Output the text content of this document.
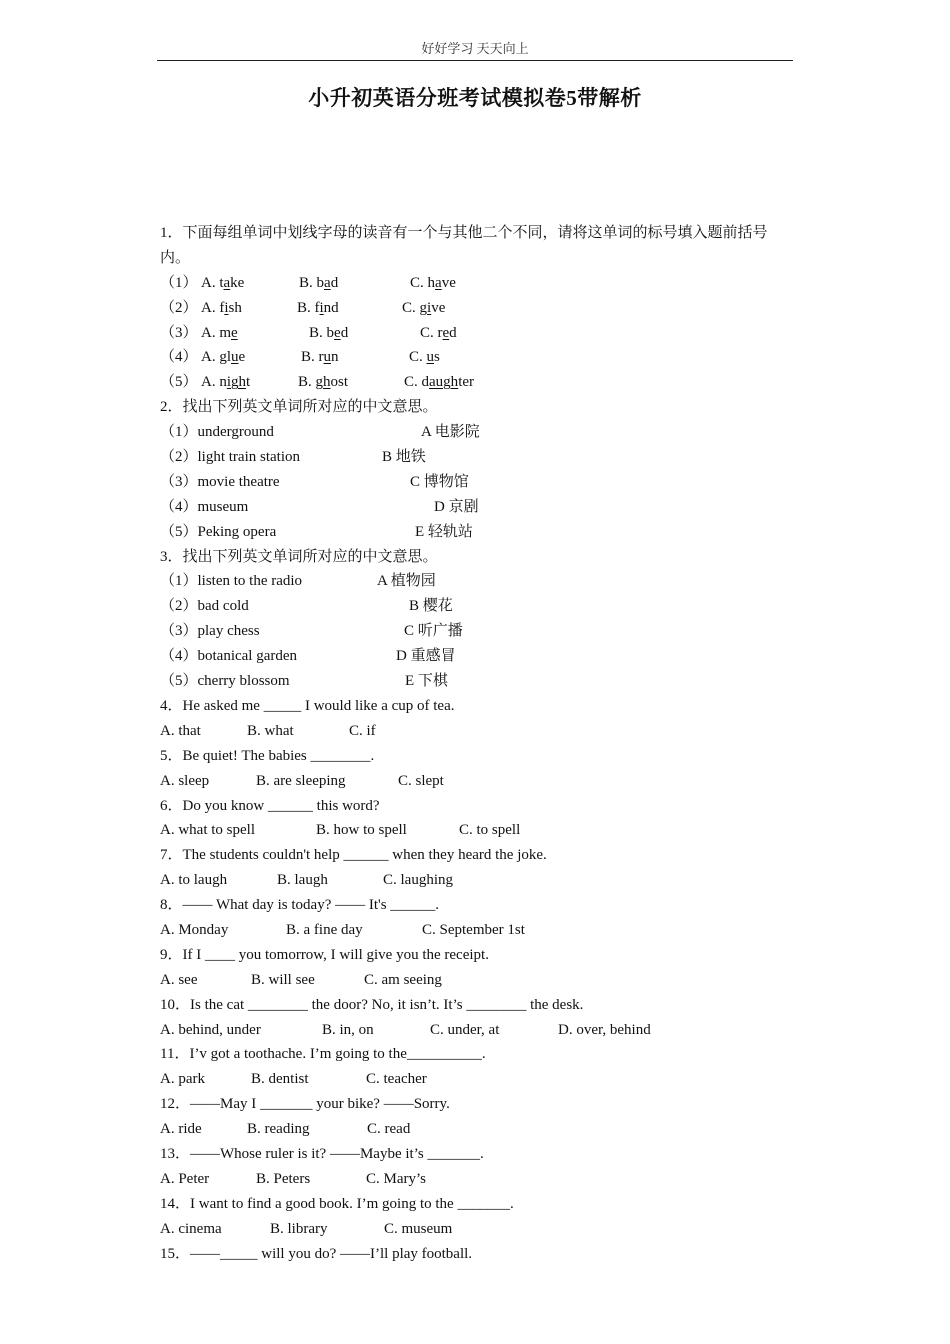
好好学习 天天向上
小升初英语分班考试模拟卷5带解析
1．下面每组单词中划线字母的读音有一个与其他二个不同，请将这单词的标号填入题前括号内。
（1） A. take	B. bad	C. have
（2） A. fish	B. find	C. give
（3） A. me	B. bed	C. red
（4） A. glue	B. run	C. us
（5） A. night	B. ghost	C. daughter
2．找出下列英文单词所对应的中文意思。
（1）underground	A 电影院
（2）light train station	B 地铁
（3）movie theatre	C 博物馆
（4）museum	D 京剧
（5）Peking opera	E 轻轨站
3．找出下列英文单词所对应的中文意思。
（1）listen to the radio	A 植物园
（2）bad cold	B 樱花
（3）play chess	C 听广播
（4）botanical garden	D 重感冒
（5）cherry blossom	E 下棋
4．He asked me _____ I would like a cup of tea.
A. that	B. what	C. if
5．Be quiet! The babies ________.
A. sleep	B. are sleeping	C. slept
6．Do you know ______ this word?
A. what to spell	B. how to spell	C. to spell
7．The students couldn't help ______ when they heard the joke.
A. to laugh	B. laugh	C. laughing
8．—— What day is today? —— It's ______.
A. Monday	B. a fine day	C. September 1st
9．If I ____ you tomorrow, I will give you the receipt.
A. see	B. will see	C. am seeing
10．Is the cat ________ the door? No, it isn’t. It’s ________ the desk.
A. behind, under	B. in, on	C. under, at	D. over, behind
11．I’v got a toothache. I’m going to the__________.
A. park	B. dentist	C. teacher
12．——May I _______ your bike? ——Sorry.
A. ride	B. reading	C. read
13．——Whose ruler is it? ——Maybe it’s _______.
A. Peter	B. Peters	C. Mary’s
14．I want to find a good book. I’m going to the _______.
A. cinema	B. library	C. museum
15．——_____ will you do? ——I’ll play football.
